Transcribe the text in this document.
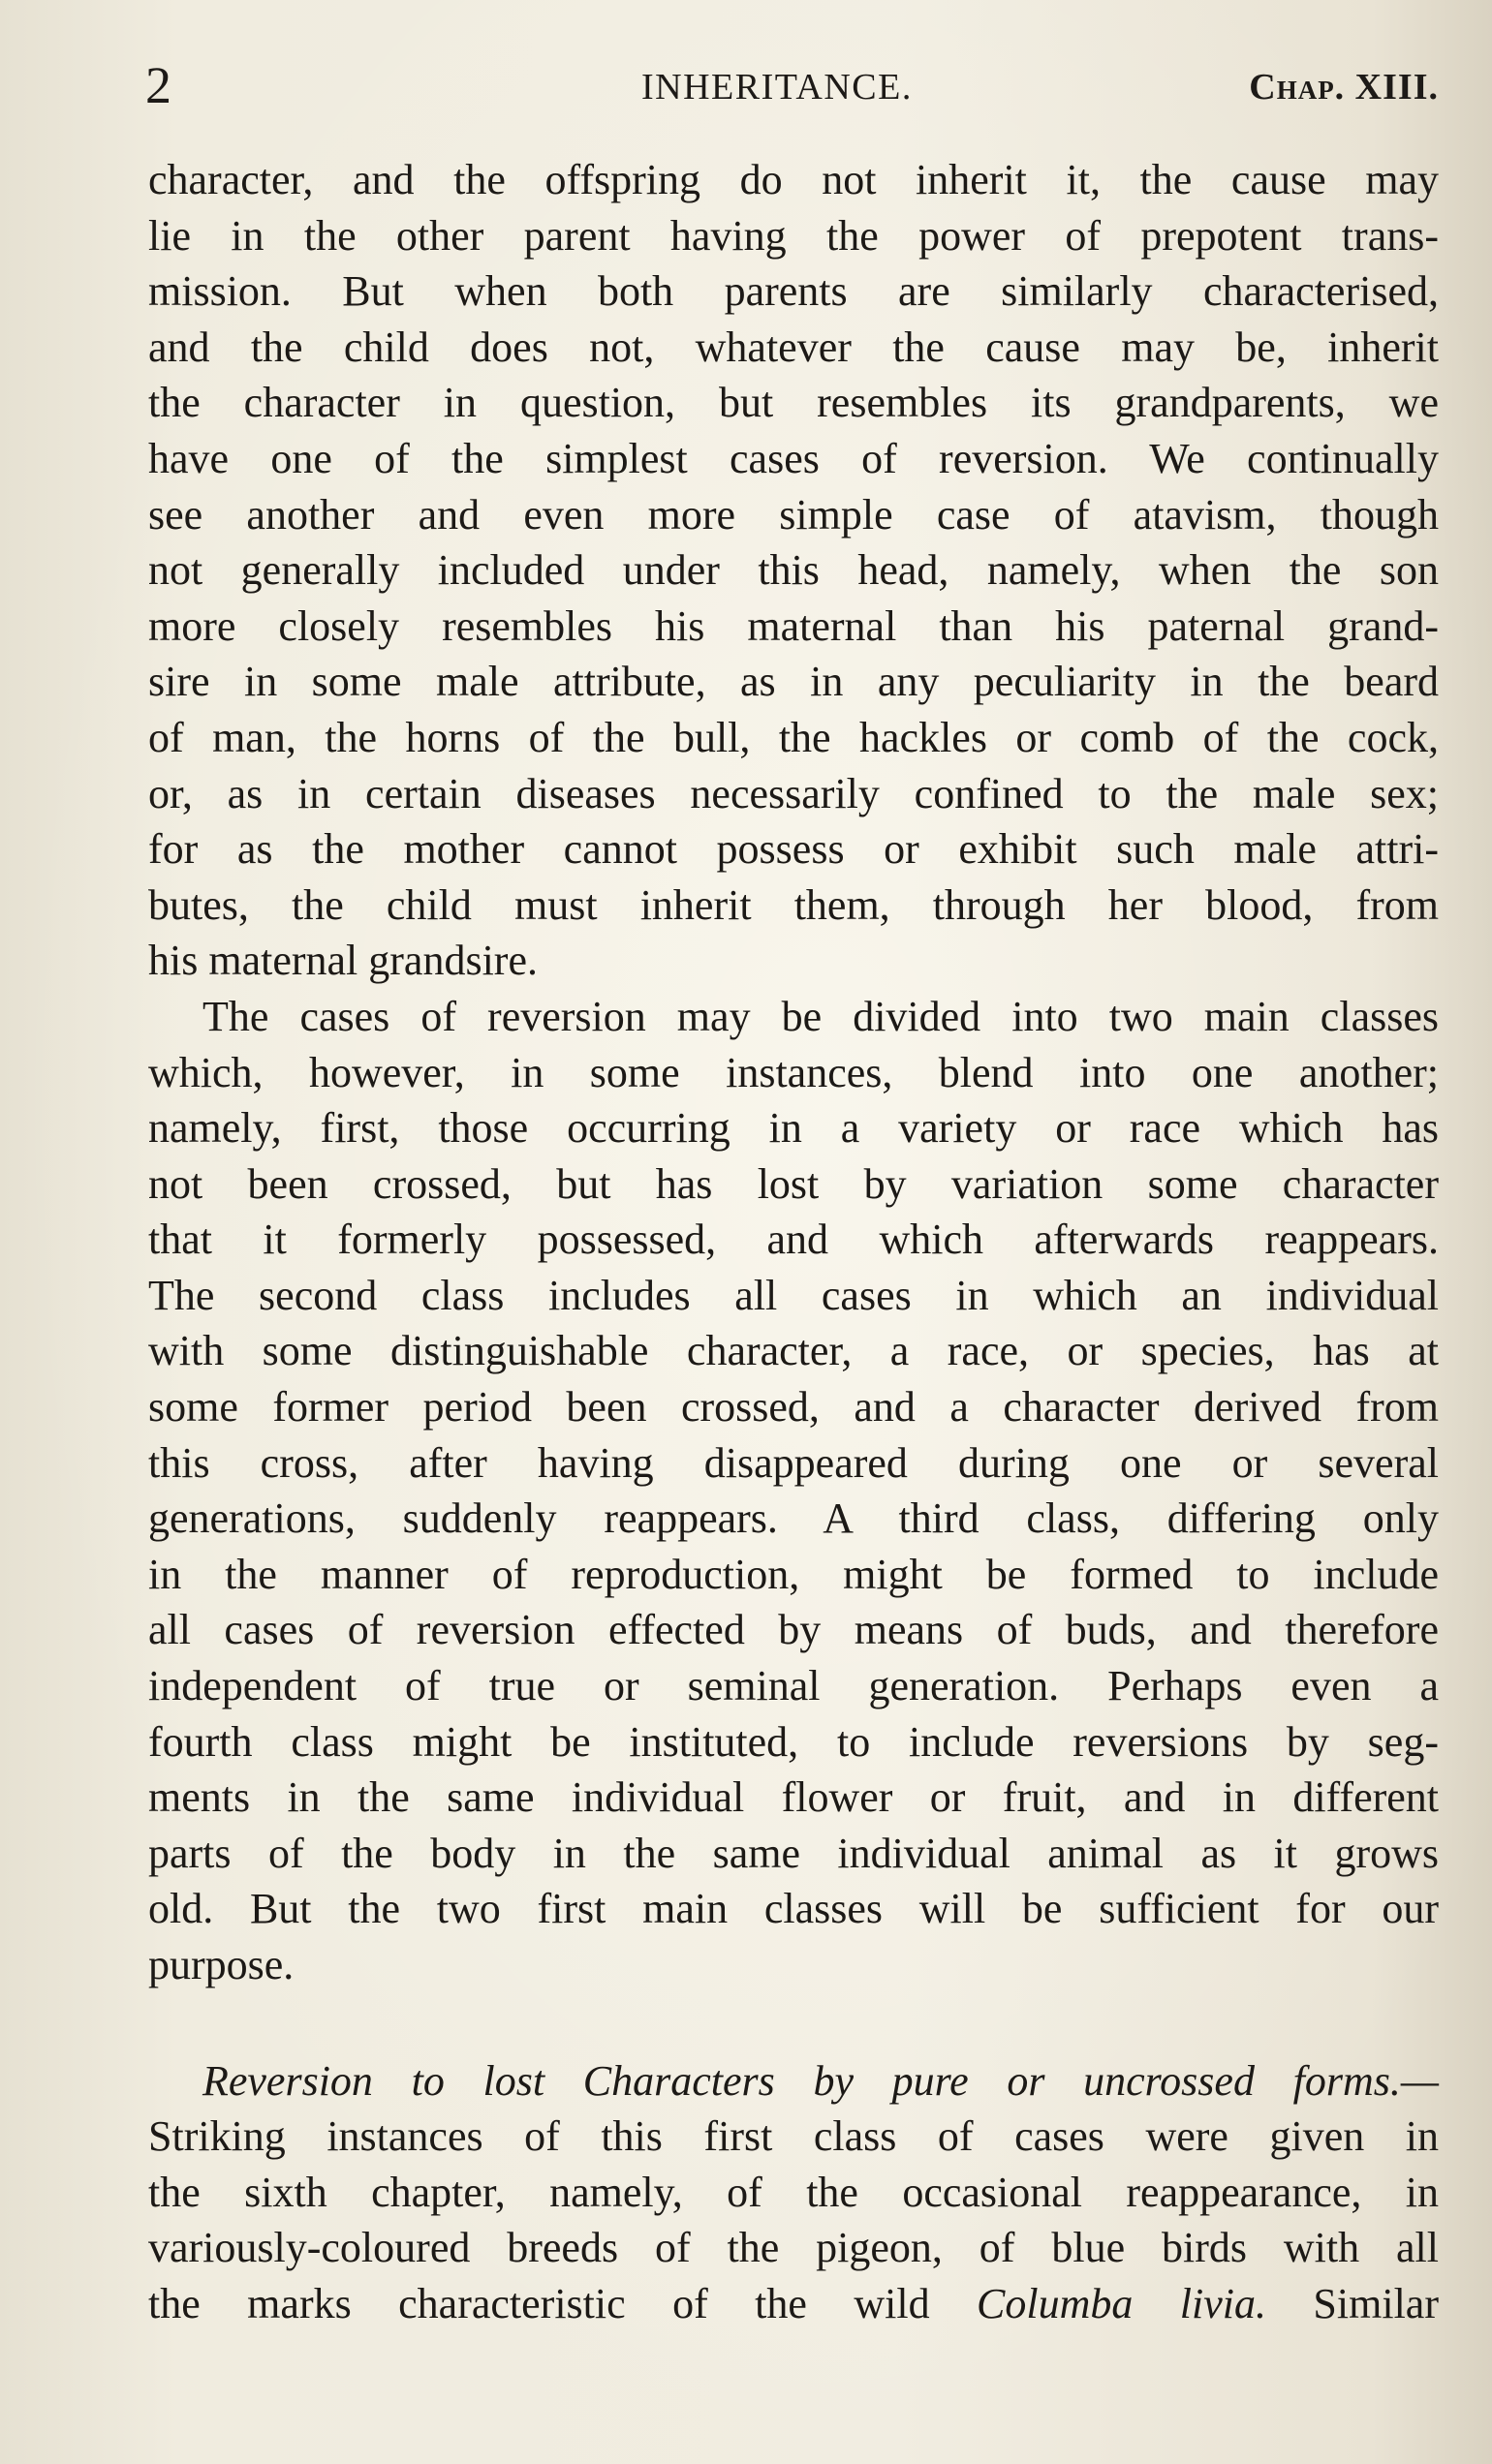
2	INHERITANCE.	Chap. XIII.
character, and the offspring do not inherit it, the cause may
lie in the other parent having the power of prepotent trans-
mission. But when both parents are similarly characterised,
and the child does not, whatever the cause may be, inherit
the character in question, but resembles its grandparents, we
have one of the simplest cases of reversion. We continually
see another and even more simple case of atavism, though
not generally included under this head, namely, when the son
more closely resembles his maternal than his paternal grand-
sire in some male attribute, as in any peculiarity in the beard
of man, the horns of the bull, the hackles or comb of the cock,
or, as in certain diseases necessarily confined to the male sex;
for as the mother cannot possess or exhibit such male attri-
butes, the child must inherit them, through her blood, from
his maternal grandsire.
The cases of reversion may be divided into two main classes
which, however, in some instances, blend into one another;
namely, first, those occurring in a variety or race which has
not been crossed, but has lost by variation some character
that it formerly possessed, and which afterwards reappears.
The second class includes all cases in which an individual
with some distinguishable character, a race, or species, has at
some former period been crossed, and a character derived from
this cross, after having disappeared during one or several
generations, suddenly reappears. A third class, differing only
in the manner of reproduction, might be formed to include
all cases of reversion effected by means of buds, and therefore
independent of true or seminal generation. Perhaps even a
fourth class might be instituted, to include reversions by seg-
ments in the same individual flower or fruit, and in different
parts of the body in the same individual animal as it grows
old. But the two first main classes will be sufficient for our
purpose.
Reversion to lost Characters by pure or uncrossed forms.—
Striking instances of this first class of cases were given in
the sixth chapter, namely, of the occasional reappearance, in
variously-coloured breeds of the pigeon, of blue birds with all
the marks characteristic of the wild Columba livia. Similar
